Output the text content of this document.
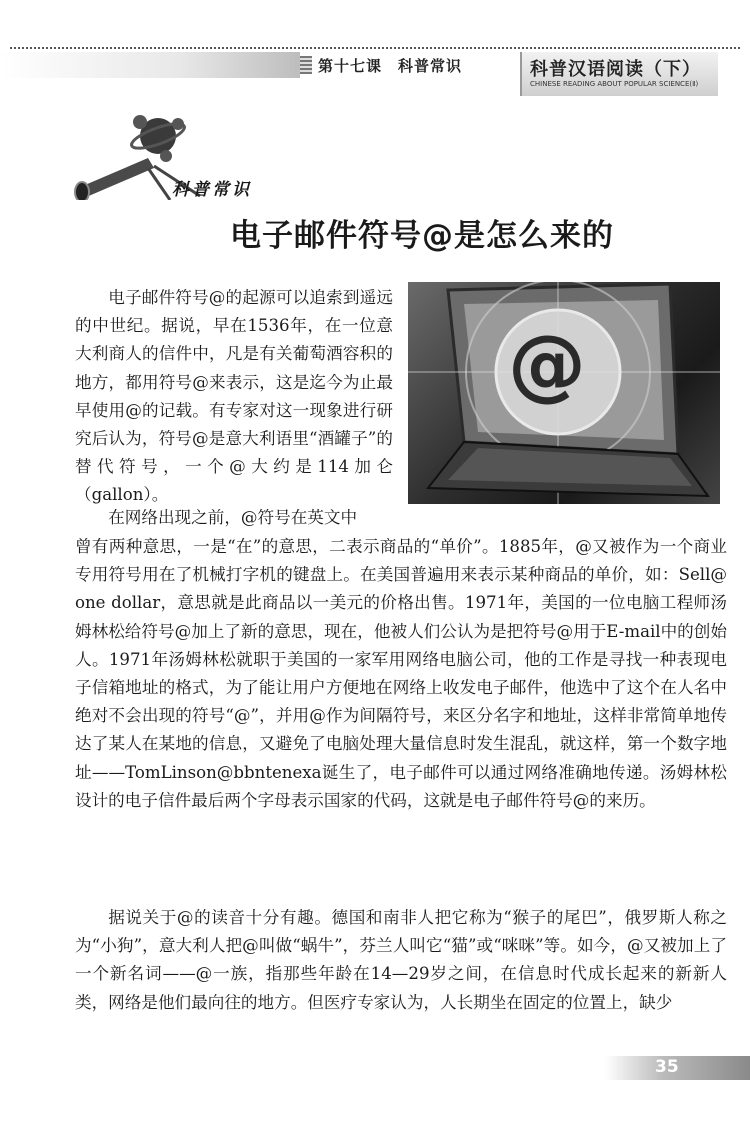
第十七课　科普常识	科普汉语阅读（下）
CHINESE READING ABOUT POPULAR SCIENCE(Ⅱ)
科普常识
电子邮件符号@是怎么来的
@

电子邮件符号@的起源可以追索到遥远的中世纪。据说，早在1536年，在一位意大利商人的信件中，凡是有关葡萄酒容积的地方，都用符号@来表示，这是迄今为止最早使用@的记载。有专家对这一现象进行研究后认为，符号@是意大利语里“酒罐子”的替代符号，一个@大约是114加仑（gallon）。

在网络出现之前，@符号在英文中

曾有两种意思，一是“在”的意思，二表示商品的“单价”。1885年，@又被作为一个商业专用符号用在了机械打字机的键盘上。在美国普遍用来表示某种商品的单价，如：Sell@ one dollar，意思就是此商品以一美元的价格出售。1971年，美国的一位电脑工程师汤姆林松给符号@加上了新的意思，现在，他被人们公认为是把符号@用于E-mail中的创始人。1971年汤姆林松就职于美国的一家军用网络电脑公司，他的工作是寻找一种表现电子信箱地址的格式，为了能让用户方便地在网络上收发电子邮件，他选中了这个在人名中绝对不会出现的符号“@”，并用@作为间隔符号，来区分名字和地址，这样非常简单地传达了某人在某地的信息，又避免了电脑处理大量信息时发生混乱，就这样，第一个数字地址——TomLinson@bbntenexa诞生了，电子邮件可以通过网络准确地传递。汤姆林松设计的电子信件最后两个字母表示国家的代码，这就是电子邮件符号@的来历。

据说关于@的读音十分有趣。德国和南非人把它称为“猴子的尾巴”，俄罗斯人称之为“小狗”，意大利人把@叫做“蜗牛”，芬兰人叫它“猫”或“咪咪”等。如今，@又被加上了一个新名词——@一族，指那些年龄在14—29岁之间，在信息时代成长起来的新新人类，网络是他们最向往的地方。但医疗专家认为，人长期坐在固定的位置上，缺少

35
